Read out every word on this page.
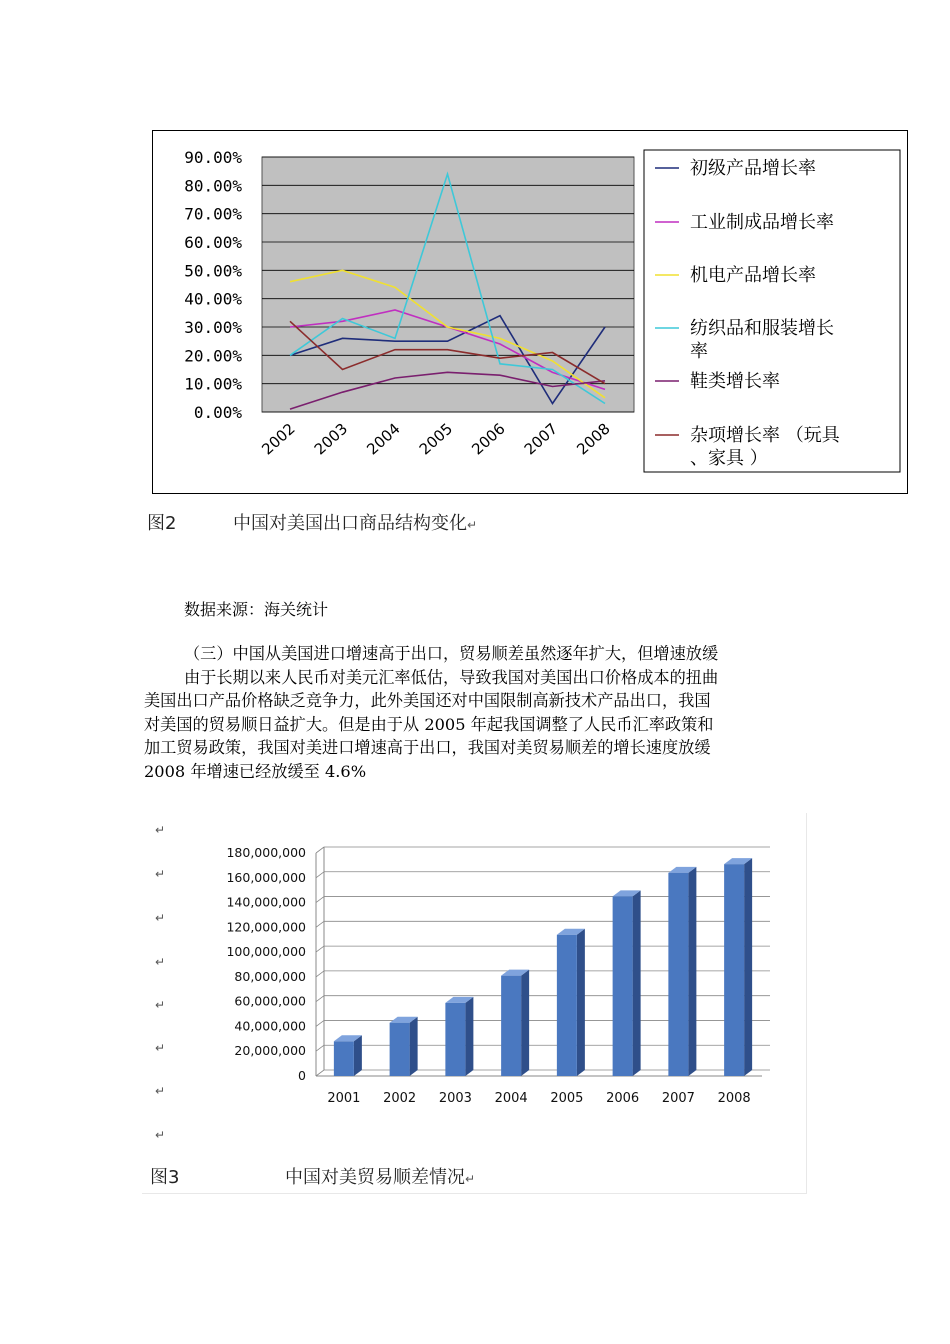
0.00%
10.00%
20.00%
30.00%
40.00%
50.00%
60.00%
70.00%
80.00%
90.00%
2002 2003 2004 2005 2006 2007 2008
初级产品增长率
工业制成品增长率
机电产品增长率
纺织品和服装增长
率
鞋类增长率
杂项增长率 （玩具
、家具 ）
图2	中国对美国出口商品结构变化↵
数据来源：海关统计
（三）中国从美国进口增速高于出口，贸易顺差虽然逐年扩大，但增速放缓
由于长期以来人民币对美元汇率低估，导致我国对美国出口价格成本的扭曲
美国出口产品价格缺乏竞争力，此外美国还对中国限制高新技术产品出口，我国
对美国的贸易顺日益扩大。但是由于从 2005 年起我国调整了人民币汇率政策和
加工贸易政策，我国对美进口增速高于出口，我国对美贸易顺差的增长速度放缓
2008 年增速已经放缓至 4.6%
↵
↵
↵
↵
↵
↵
↵
↵
0
20,000,000
40,000,000
60,000,000
80,000,000
100,000,000
120,000,000
140,000,000
160,000,000
180,000,000
2001 2002 2003 2004 2005 2006 2007 2008
图3	中国对美贸易顺差情况↵
